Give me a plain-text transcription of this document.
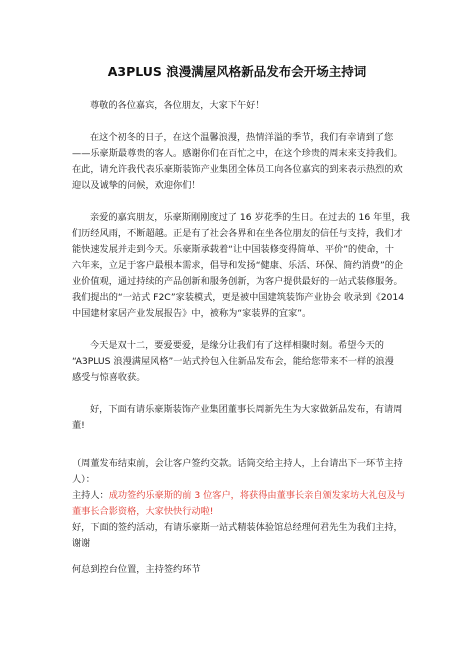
A3PLUS 浪漫满屋风格新品发布会开场主持词

尊敬的各位嘉宾，各位朋友，大家下午好！

在这个初冬的日子，在这个温馨浪漫，热情洋溢的季节，我们有幸请到了您
——乐豪斯最尊贵的客人。感谢你们在百忙之中，在这个珍贵的周末来支持我们。
在此，请允许我代表乐豪斯装饰产业集团全体员工向各位嘉宾的到来表示热烈的欢
迎以及诚挚的问候，欢迎你们！

亲爱的嘉宾朋友，乐豪斯刚刚度过了 16 岁花季的生日。在过去的 16 年里，我
们历经风雨，不断超越。正是有了社会各界和在坐各位朋友的信任与支持，我们才
能快速发展并走到今天。乐豪斯承载着“让中国装修变得简单、平价”的使命，十
六年来，立足于客户最根本需求，倡导和发扬“健康、乐活、环保、简约消费”的企
业价值观，通过持续的产品创新和服务创新，为客户提供最好的一站式装修服务。
我们提出的“一站式 F2C”家装模式，更是被中国建筑装饰产业协会 收录到《2014
中国建材家居产业发展报告》中，被称为“家装界的宜家”。

今天是双十二，要爱要爱，是缘分让我们有了这样相聚时刻。希望今天的
“A3PLUS 浪漫满屋风格”一站式拎包入住新品发布会，能给您带来不一样的浪漫
感受与惊喜收获。

好，下面有请乐豪斯装饰产业集团董事长周新先生为大家做新品发布，有请周
董!

（周董发布结束前，会让客户签约交款。话筒交给主持人，上台请出下一环节主持
人）：

主持人：成功签约乐豪斯的前 3 位客户，将获得由董事长亲自颁发家坊大礼包及与
董事长合影资格，大家快快行动啦!

好，下面的签约活动，有请乐豪斯一站式精装体验馆总经理何君先生为我们主持，
谢谢

何总到控台位置，主持签约环节
